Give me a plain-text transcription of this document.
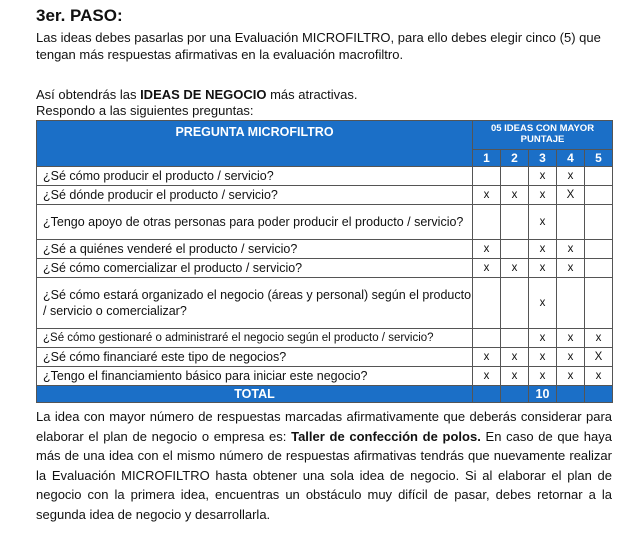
3er. PASO:
Las ideas debes pasarlas por una Evaluación MICROFILTRO, para ello debes elegir cinco (5) que tengan más respuestas afirmativas en la evaluación macrofiltro.
Así obtendrás las IDEAS DE NEGOCIO más atractivas.
Respondo a las siguientes preguntas:
PREGUNTA MICROFILTRO	05 IDEAS CON MAYOR PUNTAJE				
	1	2	3	4	5
¿Sé cómo producir el producto / servicio?			x	x	
¿Sé dónde producir el producto / servicio?	x	x	x	X	
¿Tengo apoyo de otras personas para poder producir el producto / servicio?			x		
¿Sé a quiénes venderé el producto / servicio?	x		x	x	
¿Sé cómo comercializar el producto / servicio?	x	x	x	x	
¿Sé cómo estará organizado el negocio (áreas y personal) según el producto / servicio o comercializar?			x		
¿Sé cómo gestionaré o administraré el negocio según el producto / servicio?			x	x	x
¿Sé cómo financiaré este tipo de negocios?	x	x	x	x	X
¿Tengo el financiamiento básico para iniciar este negocio?	x	x	x	x	x
TOTAL			10		
La idea con mayor número de respuestas marcadas afirmativamente que deberás considerar para elaborar el plan de negocio o empresa es: Taller de confección de polos. En caso de que haya más de una idea con el mismo número de respuestas afirmativas tendrás que nuevamente realizar la Evaluación MICROFILTRO hasta obtener una sola idea de negocio. Si al elaborar el plan de negocio con la primera idea, encuentras un obstáculo muy difícil de pasar, debes retornar a la segunda idea de negocio y desarrollarla.
